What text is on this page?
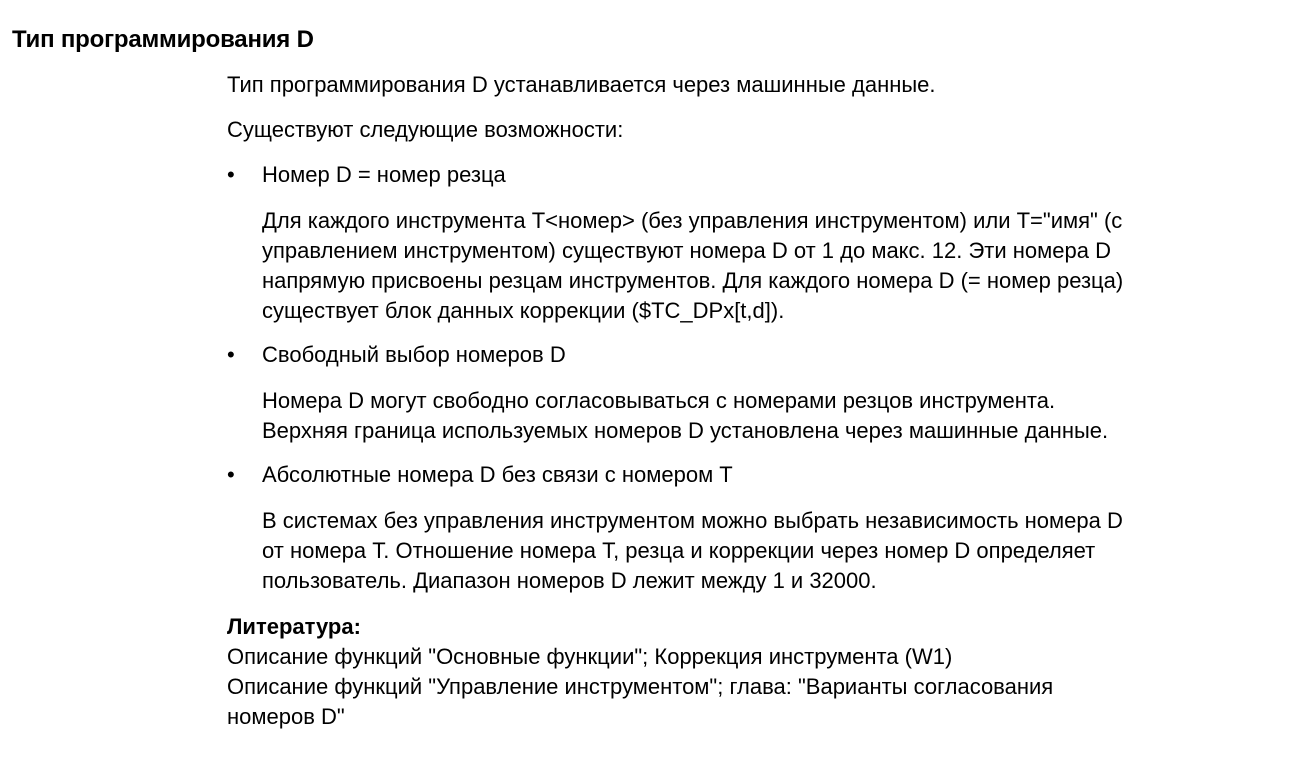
Тип программирования D

Тип программирования D устанавливается через машинные данные.

Существуют следующие возможности:

•	Номер D = номер резца
Для каждого инструмента T<номер> (без управления инструментом) или T="имя" (с
управлением инструментом) существуют номера D от 1 до макс. 12. Эти номера D
напрямую присвоены резцам инструментов. Для каждого номера D (= номер резца)
существует блок данных коррекции ($TC_DPx[t,d]).
•	Свободный выбор номеров D
Номера D могут свободно согласовываться с номерами резцов инструмента.
Верхняя граница используемых номеров D установлена через машинные данные.
•	Абсолютные номера D без связи с номером T
В системах без управления инструментом можно выбрать независимость номера D
от номера T. Отношение номера T, резца и коррекции через номер D определяет
пользователь. Диапазон номеров D лежит между 1 и 32000.
Литература:
Описание функций "Основные функции"; Коррекция инструмента (W1)
Описание функций "Управление инструментом"; глава: "Варианты согласования
номеров D"
